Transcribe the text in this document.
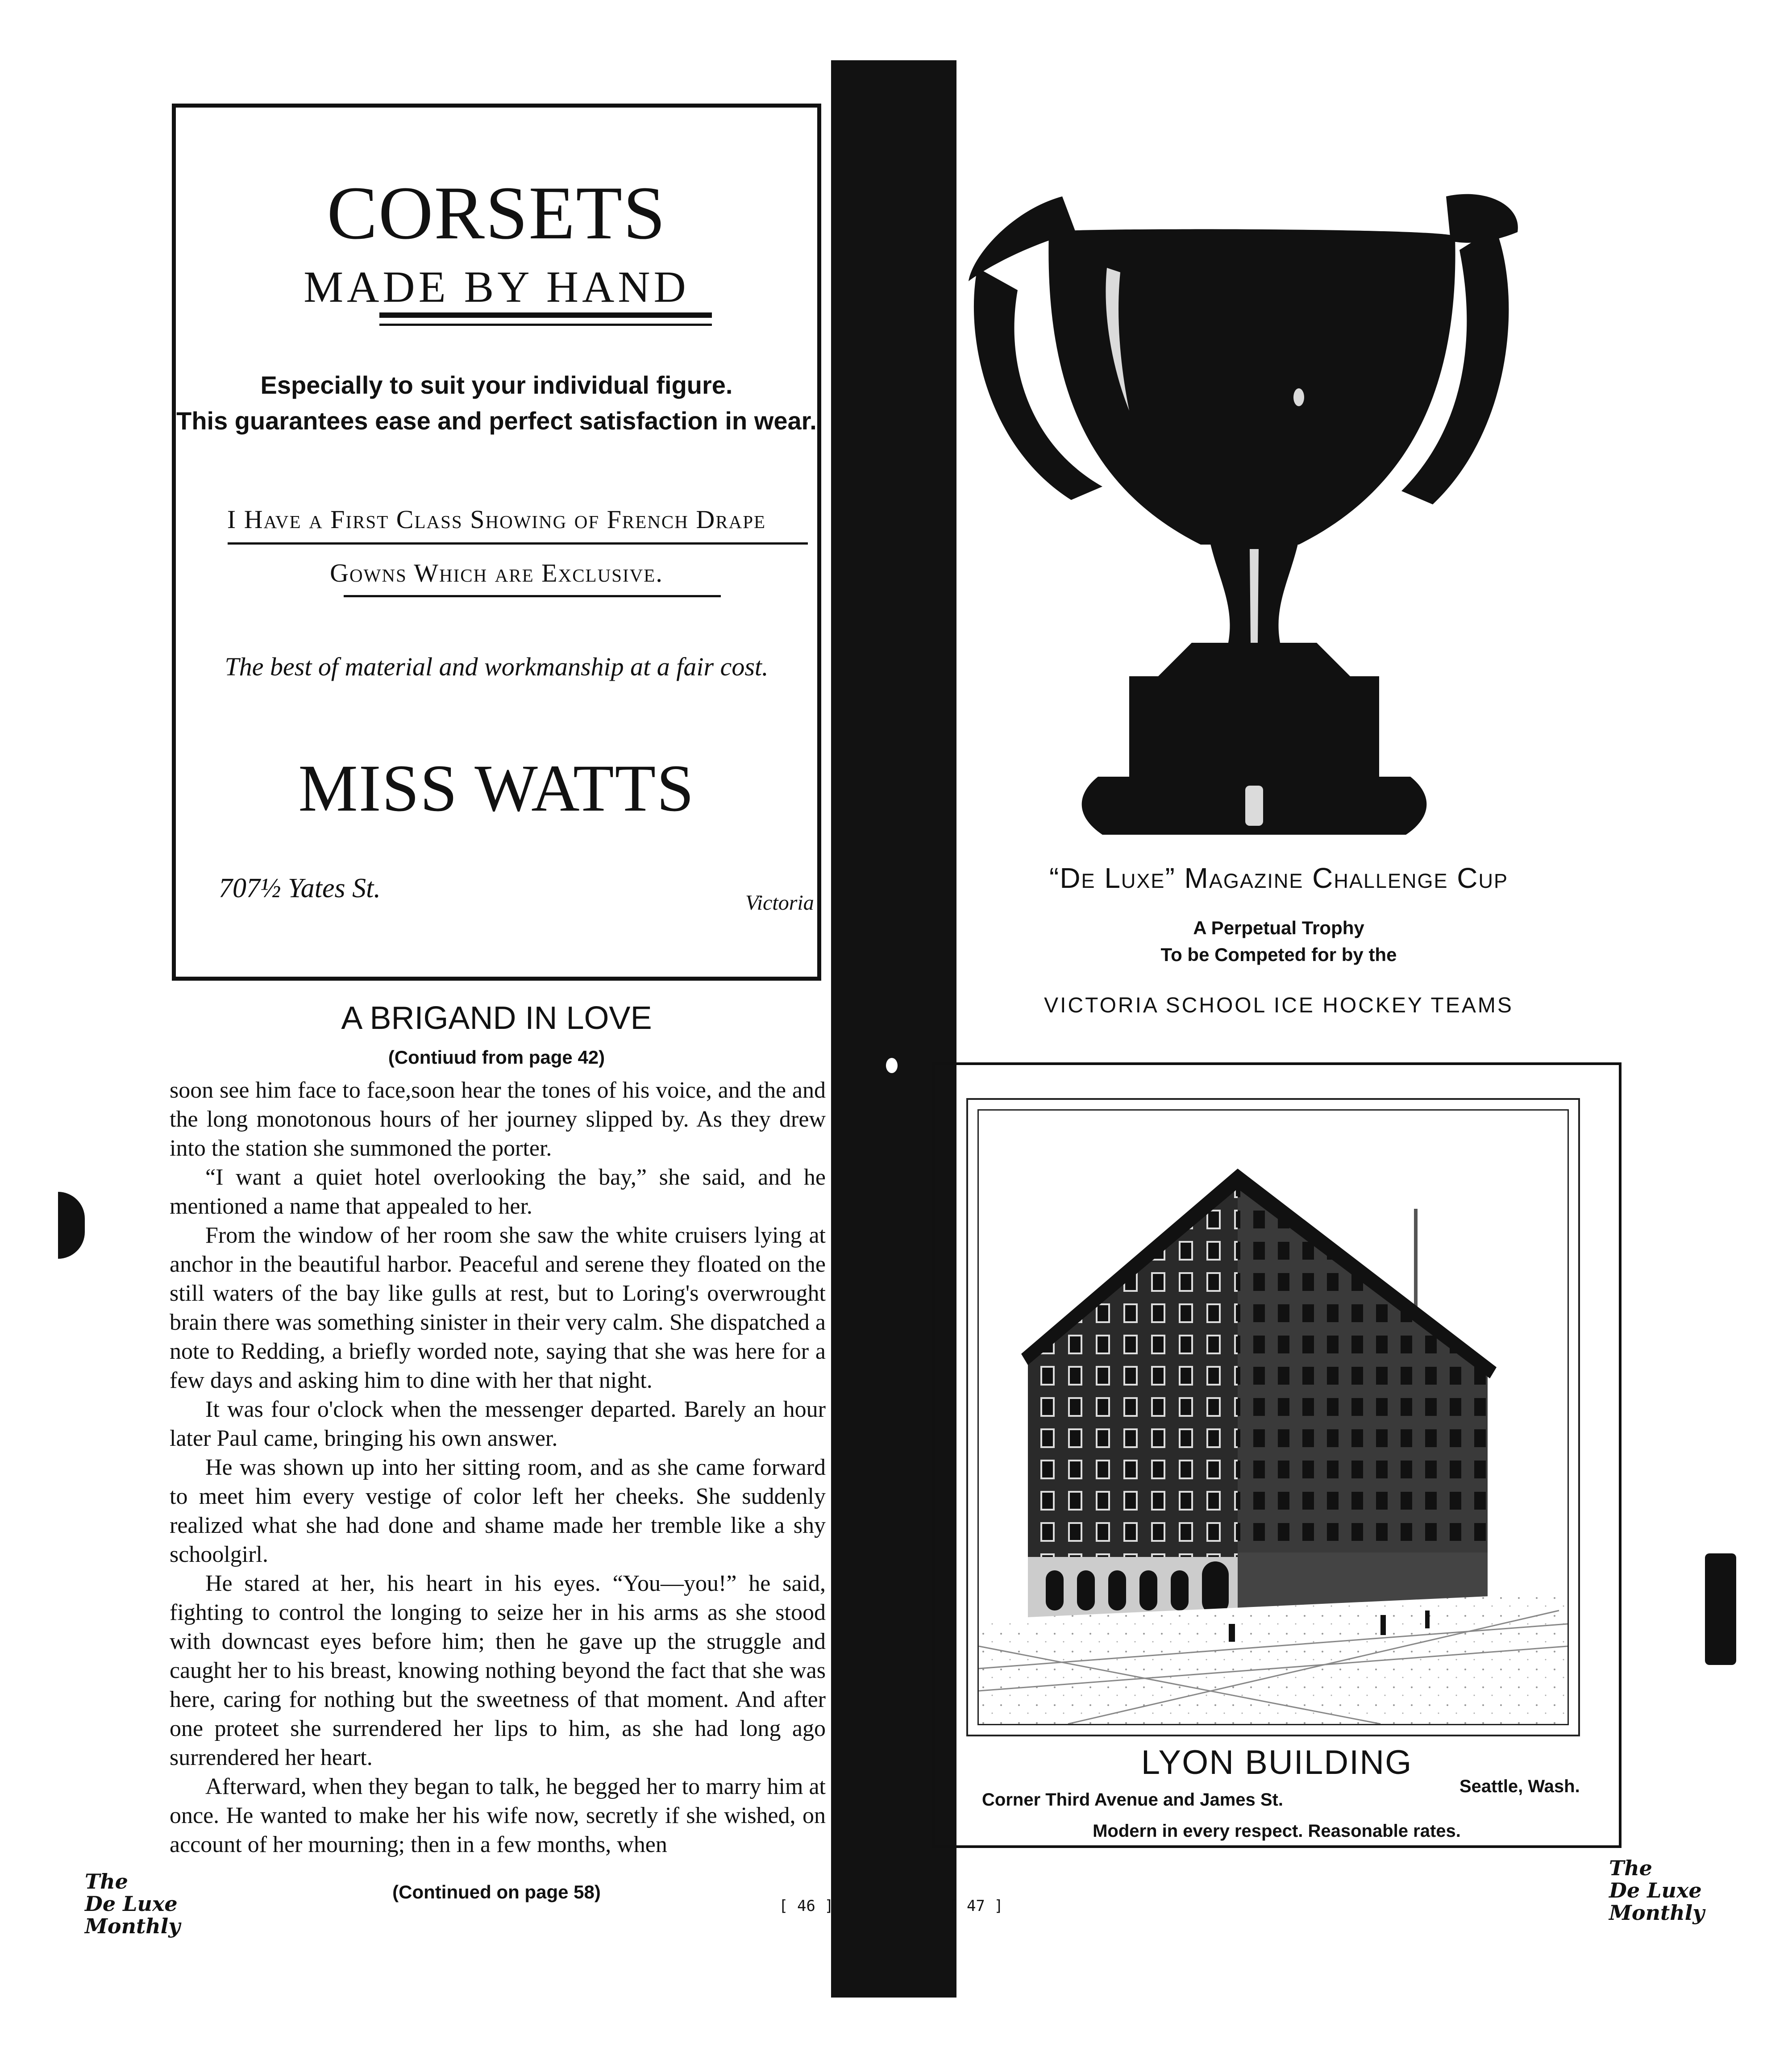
CORSETS
MADE BY HAND
Especially to suit your individual figure.
This guarantees ease and perfect satisfaction in wear.
I Have a First Class Showing of French Drape
Gowns Which are Exclusive.
The best of material and workmanship at a fair cost.
MISS WATTS
707½ Yates St.	Victoria
A BRIGAND IN LOVE
(Contiuud from page 42)

soon see him face to face,soon hear the tones of his voice, and the and the long monotonous hours of her journey slipped by. As they drew into the station she summoned the porter.

“I want a quiet hotel overlooking the bay,” she said, and he mentioned a name that appealed to her.

From the window of her room she saw the white cruisers lying at anchor in the beautiful harbor. Peaceful and serene they floated on the still waters of the bay like gulls at rest, but to Loring's overwrought brain there was something sinister in their very calm. She dispatched a note to Redding, a briefly worded note, saying that she was here for a few days and asking him to dine with her that night.

It was four o'clock when the messenger departed. Barely an hour later Paul came, bringing his own answer.

He was shown up into her sitting room, and as she came forward to meet him every vestige of color left her cheeks. She suddenly realized what she had done and shame made her tremble like a shy schoolgirl.

He stared at her, his heart in his eyes. “You—you!” he said, fighting to control the longing to seize her in his arms as she stood with downcast eyes before him; then he gave up the struggle and caught her to his breast, knowing nothing beyond the fact that she was here, caring for nothing but the sweetness of that moment. And after one proteet she surrendered her lips to him, as she had long ago surrendered her heart.

Afterward, when they began to talk, he begged her to marry him at once. He wanted to make her his wife now, secretly if she wished, on account of her mourning; then in a few months, when

(Continued on page 58)
The
De Luxe
Monthly
[ 46 ]
“De Luxe” Magazine Challenge Cup
A Perpetual Trophy
To be Competed for by the
VICTORIA SCHOOL ICE HOCKEY TEAMS
LYON BUILDING
Corner Third Avenue and James St.
Seattle, Wash.
Modern in every respect. Reasonable rates.
The
De Luxe
Monthly
[ 47 ]
